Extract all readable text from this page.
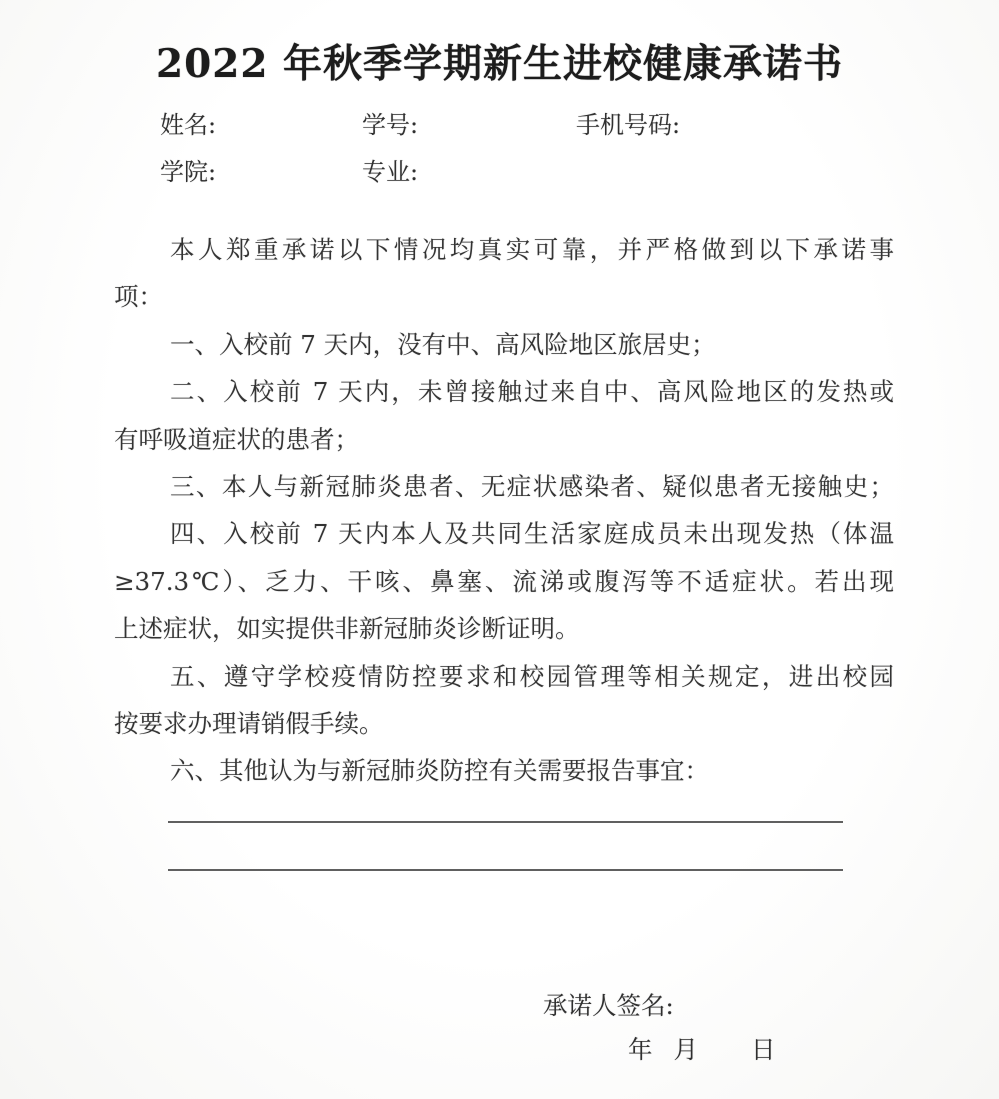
2022 年秋季学期新生进校健康承诺书
姓名:	学号:	手机号码:
学院:	专业:
本人郑重承诺以下情况均真实可靠，并严格做到以下承诺事
项：
一、入校前 7 天内，没有中、高风险地区旅居史；
二、入校前 7 天内，未曾接触过来自中、高风险地区的发热或
有呼吸道症状的患者；
三、本人与新冠肺炎患者、无症状感染者、疑似患者无接触史；
四、入校前 7 天内本人及共同生活家庭成员未出现发热（体温
≥37.3℃）、乏力、干咳、鼻塞、流涕或腹泻等不适症状。若出现
上述症状，如实提供非新冠肺炎诊断证明。
五、遵守学校疫情防控要求和校园管理等相关规定，进出校园
按要求办理请销假手续。
六、其他认为与新冠肺炎防控有关需要报告事宜：
承诺人签名:
年 月 日
